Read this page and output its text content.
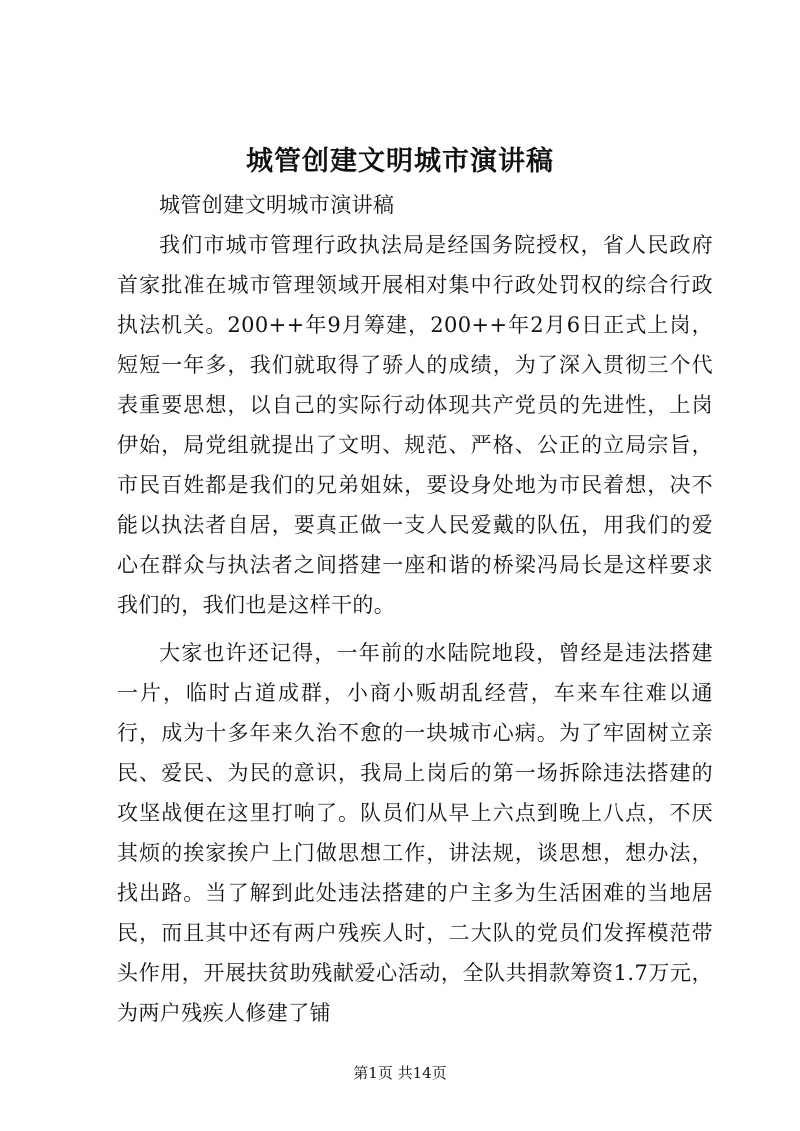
城管创建文明城市演讲稿

城管创建文明城市演讲稿

我们市城市管理行政执法局是经国务院授权，省人民政府首家批准在城市管理领域开展相对集中行政处罚权的综合行政执法机关。200++年9月筹建，200++年2月6日正式上岗，短短一年多，我们就取得了骄人的成绩，为了深入贯彻三个代表重要思想，以自己的实际行动体现共产党员的先进性，上岗伊始，局党组就提出了文明、规范、严格、公正的立局宗旨，市民百姓都是我们的兄弟姐妹，要设身处地为市民着想，决不能以执法者自居，要真正做一支人民爱戴的队伍，用我们的爱心在群众与执法者之间搭建一座和谐的桥梁冯局长是这样要求我们的，我们也是这样干的。

大家也许还记得，一年前的水陆院地段，曾经是违法搭建一片，临时占道成群，小商小贩胡乱经营，车来车往难以通行，成为十多年来久治不愈的一块城市心病。为了牢固树立亲民、爱民、为民的意识，我局上岗后的第一场拆除违法搭建的攻坚战便在这里打响了。队员们从早上六点到晚上八点，不厌其烦的挨家挨户上门做思想工作，讲法规，谈思想，想办法，找出路。当了解到此处违法搭建的户主多为生活困难的当地居民，而且其中还有两户残疾人时，二大队的党员们发挥模范带头作用，开展扶贫助残献爱心活动，全队共捐款筹资1.7万元，为两户残疾人修建了铺

第1页 共14页
